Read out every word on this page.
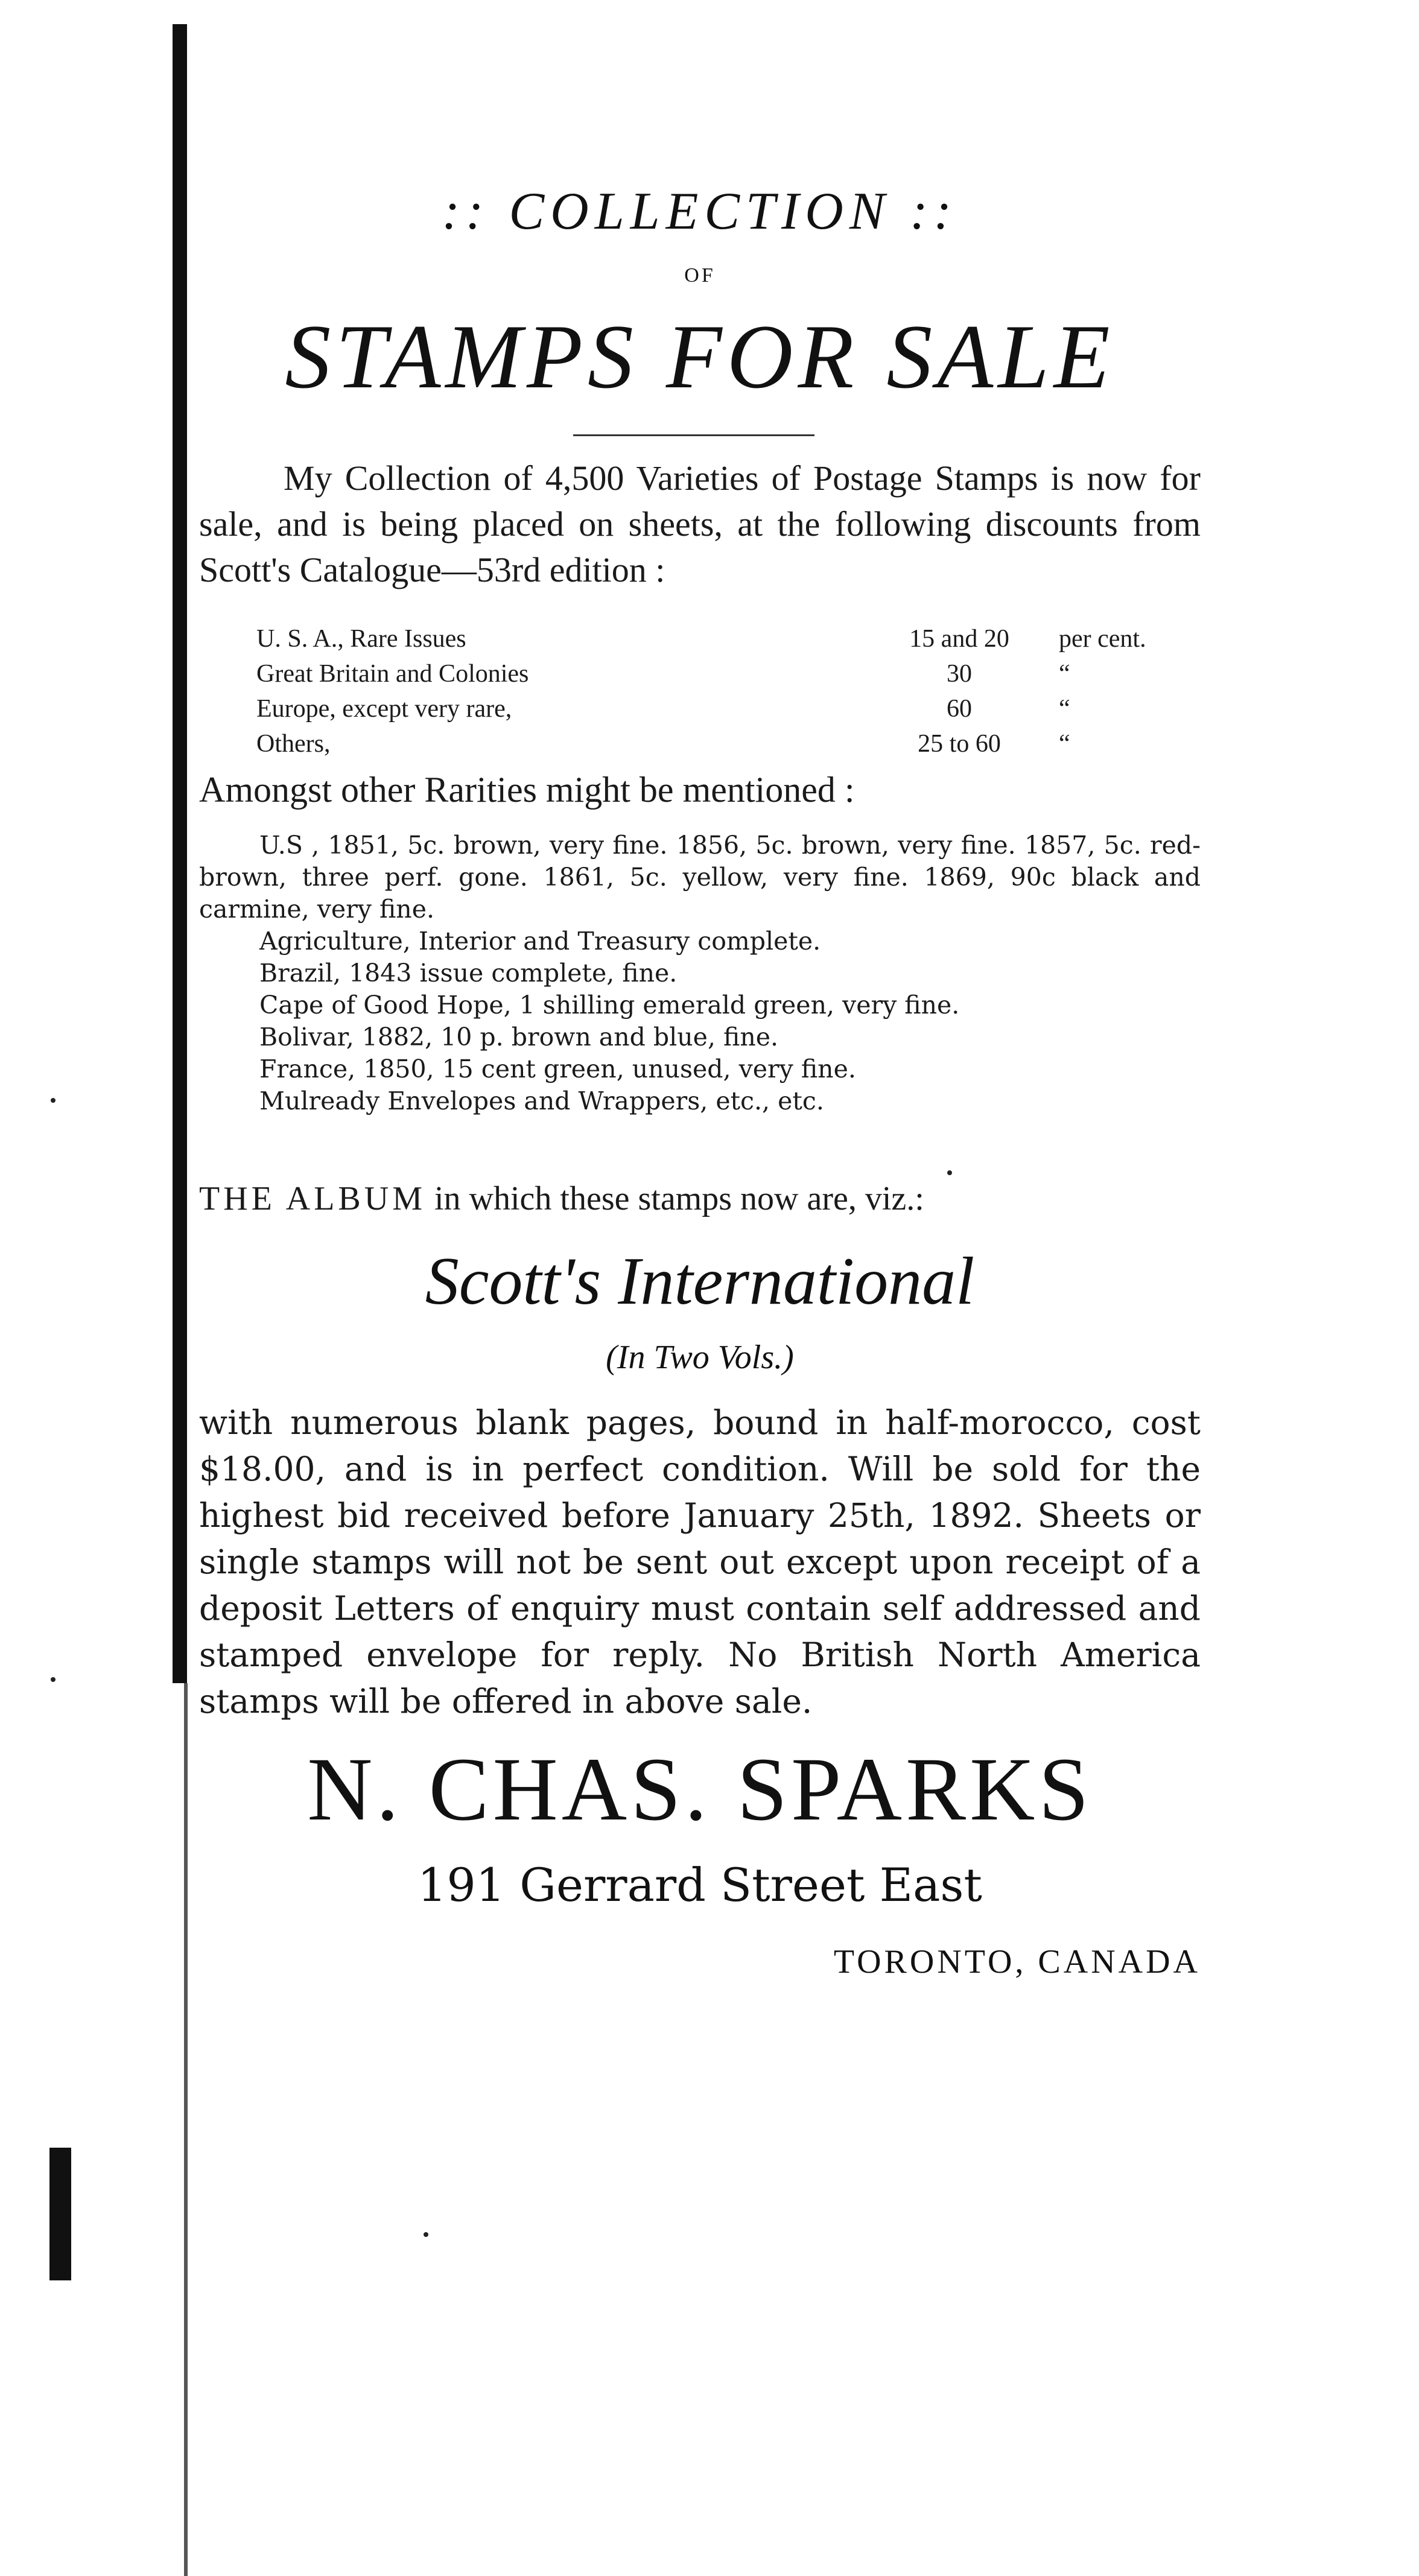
:: COLLECTION ::
OF
STAMPS FOR SALE
My Collection of 4,500 Varieties of Postage Stamps is now for sale, and is being placed on sheets, at the following discounts from Scott's Catalogue—53rd edition :
U. S. A., Rare Issues	15 and 20	per cent.
Great Britain and Colonies	30	“
Europe, except very rare,	60	“
Others,	25 to 60	“
Amongst other Rarities might be mentioned :
U.S , 1851, 5c. brown, very fine. 1856, 5c. brown, very fine. 1857, 5c. red-brown, three perf. gone. 1861, 5c. yellow, very fine. 1869, 90c black and carmine, very fine.
Agriculture, Interior and Treasury complete.
Brazil, 1843 issue complete, fine.
Cape of Good Hope, 1 shilling emerald green, very fine.
Bolivar, 1882, 10 p. brown and blue, fine.
France, 1850, 15 cent green, unused, very fine.
Mulready Envelopes and Wrappers, etc., etc.
THE ALBUM in which these stamps now are, viz.:
Scott's International
(In Two Vols.)
with numerous blank pages, bound in half-morocco, cost $18.00, and is in perfect condition. Will be sold for the highest bid received before January 25th, 1892. Sheets or single stamps will not be sent out except upon receipt of a deposit Letters of enquiry must contain self addressed and stamped envelope for reply. No British North America stamps will be offered in above sale.
N. CHAS. SPARKS
191 Gerrard Street East
TORONTO, CANADA
